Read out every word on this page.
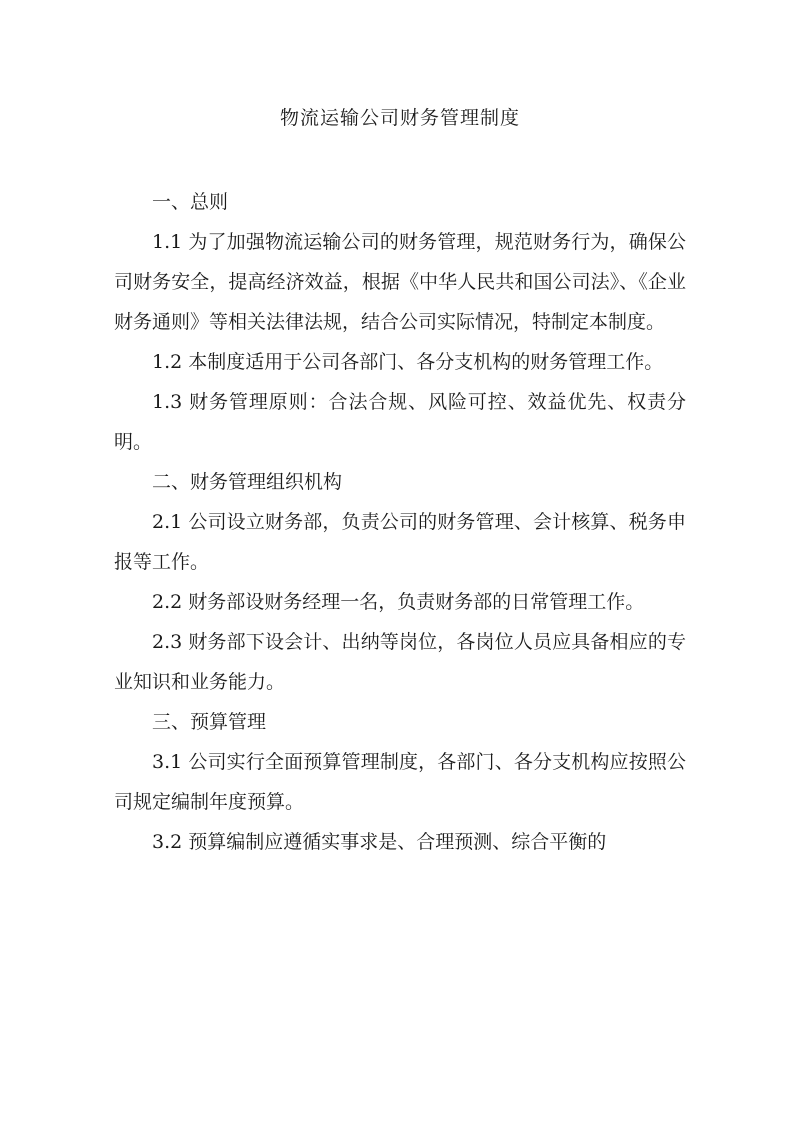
物流运输公司财务管理制度

一、总则

1.1 为了加强物流运输公司的财务管理，规范财务行为，确保公司财务安全，提高经济效益，根据《中华人民共和国公司法》、《企业财务通则》等相关法律法规，结合公司实际情况，特制定本制度。

1.2 本制度适用于公司各部门、各分支机构的财务管理工作。

1.3 财务管理原则：合法合规、风险可控、效益优先、权责分明。

二、财务管理组织机构

2.1 公司设立财务部，负责公司的财务管理、会计核算、税务申报等工作。

2.2 财务部设财务经理一名，负责财务部的日常管理工作。

2.3 财务部下设会计、出纳等岗位，各岗位人员应具备相应的专业知识和业务能力。

三、预算管理

3.1 公司实行全面预算管理制度，各部门、各分支机构应按照公司规定编制年度预算。

3.2 预算编制应遵循实事求是、合理预测、综合平衡的
